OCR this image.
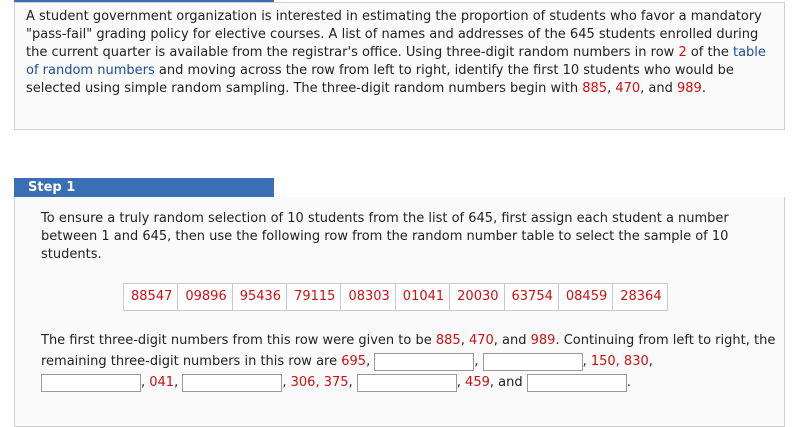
A student government organization is interested in estimating the proportion of students who favor a mandatory "pass-fail" grading policy for elective courses. A list of names and addresses of the 645 students enrolled during the current quarter is available from the registrar's office. Using three-digit random numbers in row 2 of the table of random numbers and moving across the row from left to right, identify the first 10 students who would be selected using simple random sampling. The three-digit random numbers begin with 885, 470, and 989.
Step 1
To ensure a truly random selection of 10 students from the list of 645, first assign each student a number between 1 and 645, then use the following row from the random number table to select the sample of 10 students.
88547	09896	95436	79115	08303	01041	20030	63754	08459	28364
The first three-digit numbers from this row were given to be 885, 470, and 989. Continuing from left to right, the remaining three-digit numbers in this row are 695,	,	, 150, 830,
, 041,	, 306, 375,	, 459, and	.
